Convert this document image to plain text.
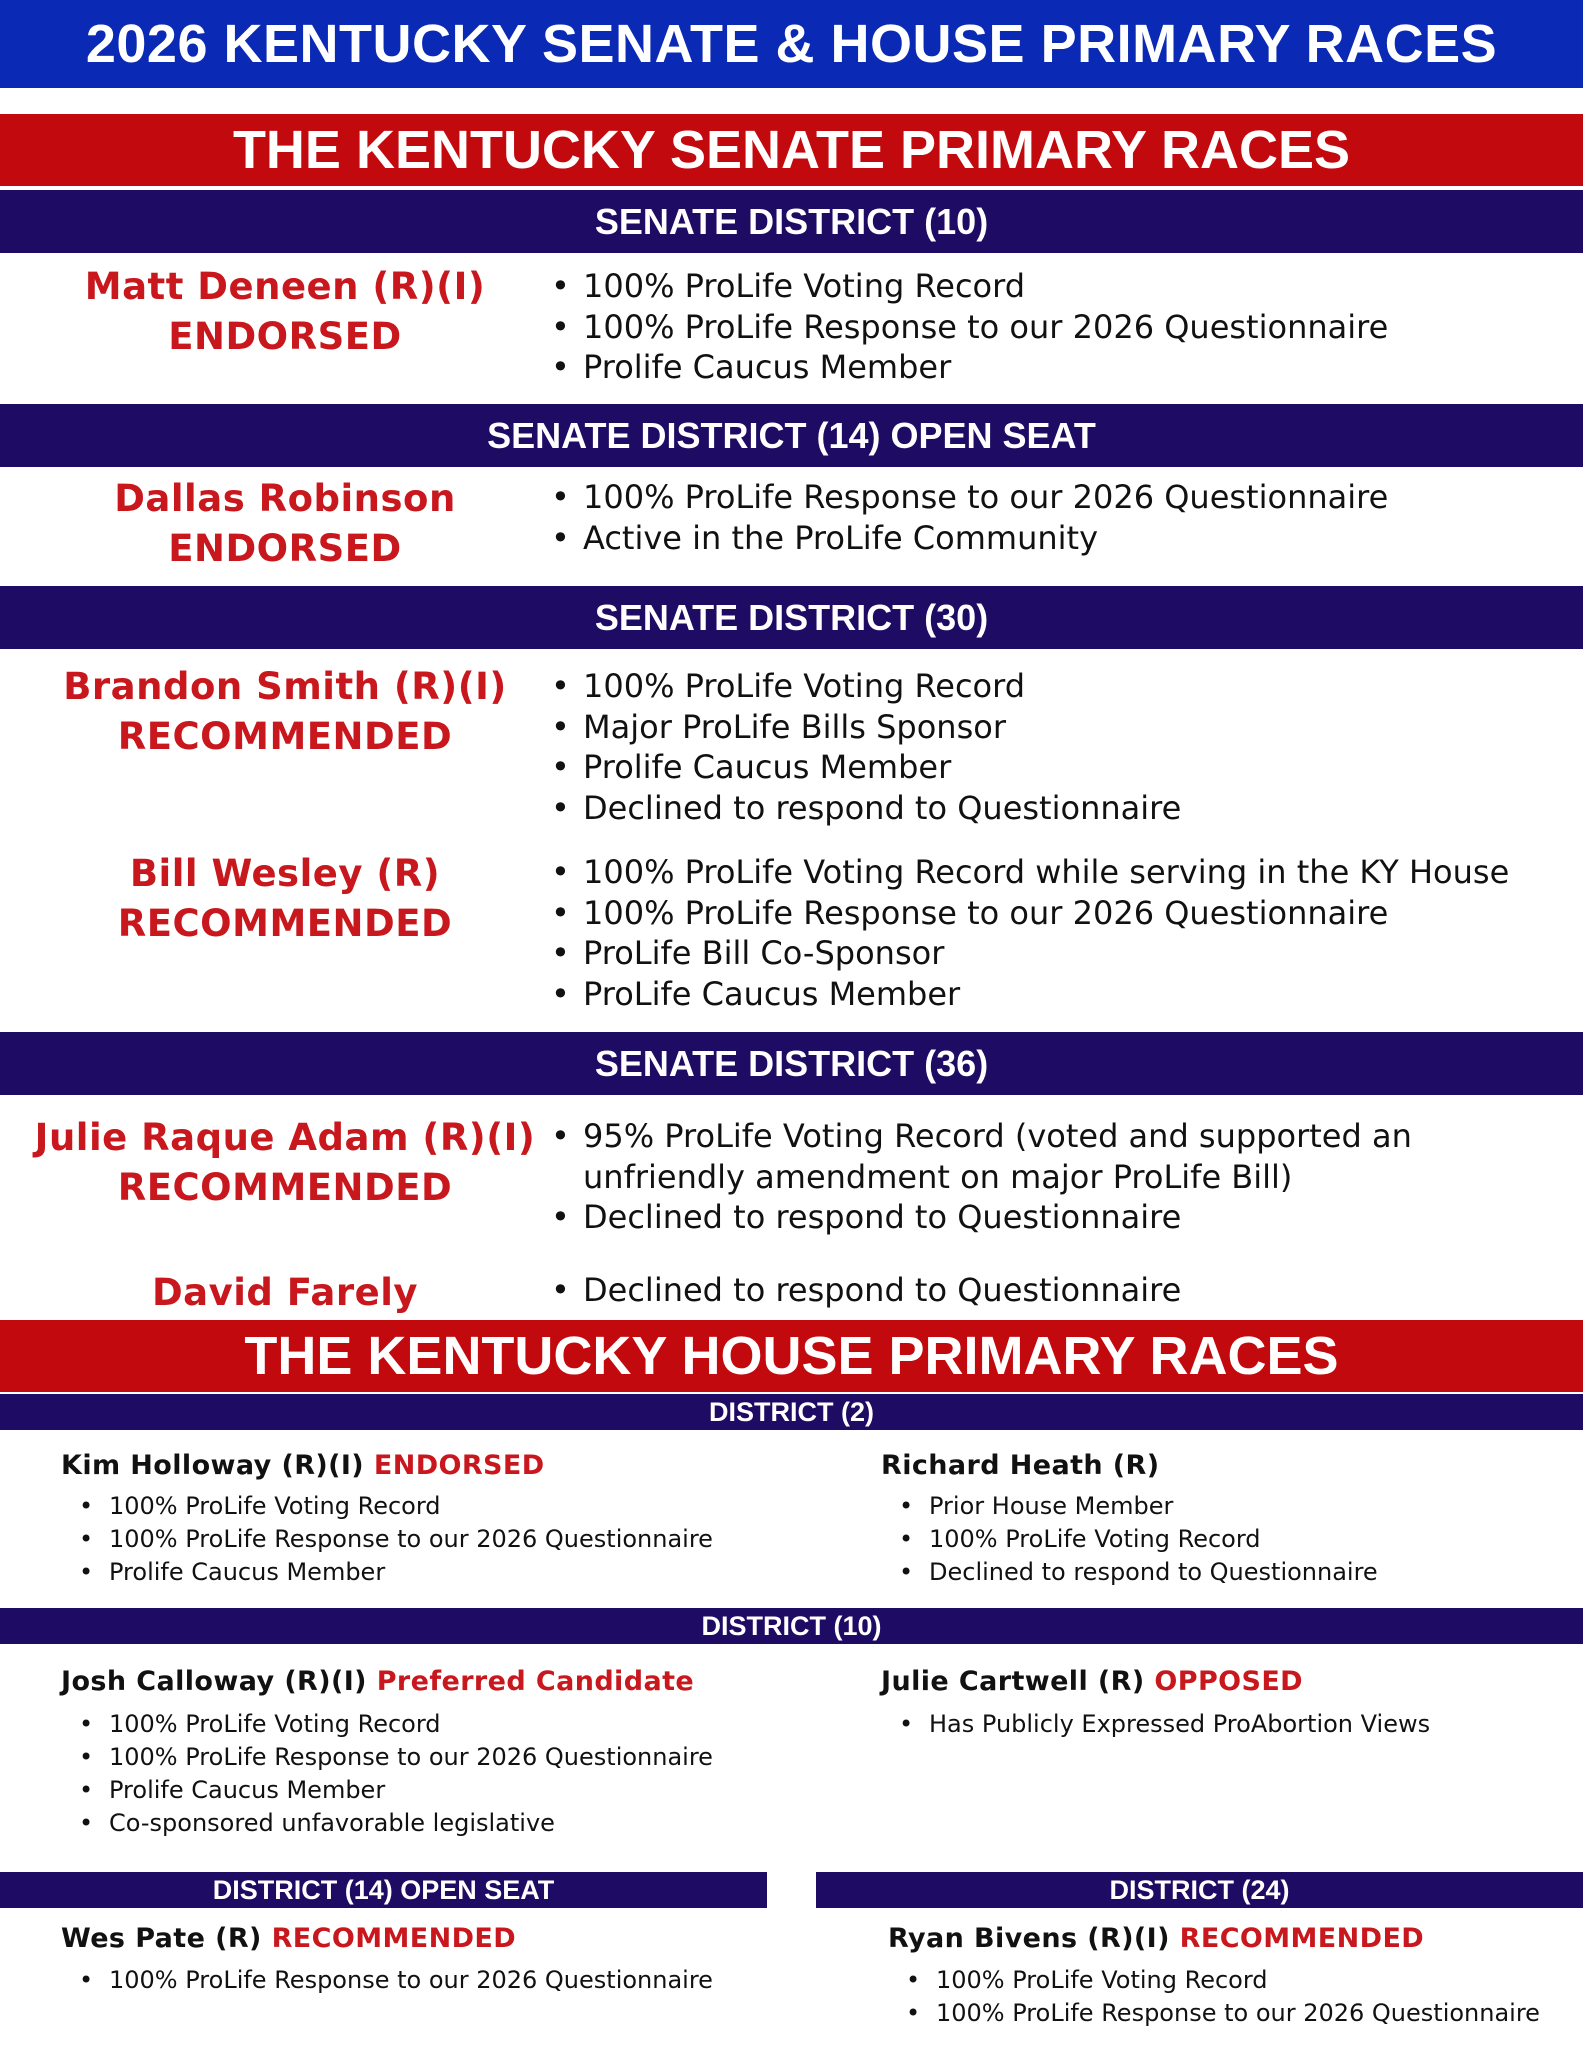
2026 KENTUCKY SENATE & HOUSE PRIMARY RACES
THE KENTUCKY SENATE PRIMARY RACES
SENATE DISTRICT (10)
Matt Deneen (R)(I)
ENDORSED
• 100% ProLife Voting Record
• 100% ProLife Response to our 2026 Questionnaire
• Prolife Caucus Member
SENATE DISTRICT (14) OPEN SEAT
Dallas Robinson
ENDORSED
• 100% ProLife Response to our 2026 Questionnaire
• Active in the ProLife Community
SENATE DISTRICT (30)
Brandon Smith (R)(I)
RECOMMENDED
• 100% ProLife Voting Record
• Major ProLife Bills Sponsor
• Prolife Caucus Member
• Declined to respond to Questionnaire
Bill Wesley (R)
RECOMMENDED
• 100% ProLife Voting Record while serving in the KY House
• 100% ProLife Response to our 2026 Questionnaire
• ProLife Bill Co-Sponsor
• ProLife Caucus Member
SENATE DISTRICT (36)
Julie Raque Adam (R)(I)
RECOMMENDED
• 95% ProLife Voting Record (voted and supported an unfriendly amendment on major ProLife Bill)
• Declined to respond to Questionnaire
David Farely
•	Declined to respond to Questionnaire
THE KENTUCKY HOUSE PRIMARY RACES
DISTRICT (2)
Kim Holloway (R)(I) ENDORSED
• 100% ProLife Voting Record
• 100% ProLife Response to our 2026 Questionnaire
• Prolife Caucus Member
Richard Heath (R)
• Prior House Member
• 100% ProLife Voting Record
• Declined to respond to Questionnaire
DISTRICT (10)
Josh Calloway (R)(I) Preferred Candidate
• 100% ProLife Voting Record
• 100% ProLife Response to our 2026 Questionnaire
• Prolife Caucus Member
• Co-sponsored unfavorable legislative
Julie Cartwell (R) OPPOSED
• Has Publicly Expressed ProAbortion Views
DISTRICT (14) OPEN SEAT
Wes Pate (R) RECOMMENDED
• 100% ProLife Response to our 2026 Questionnaire
DISTRICT (24)
Ryan Bivens (R)(I) RECOMMENDED
• 100% ProLife Voting Record
• 100% ProLife Response to our 2026 Questionnaire
